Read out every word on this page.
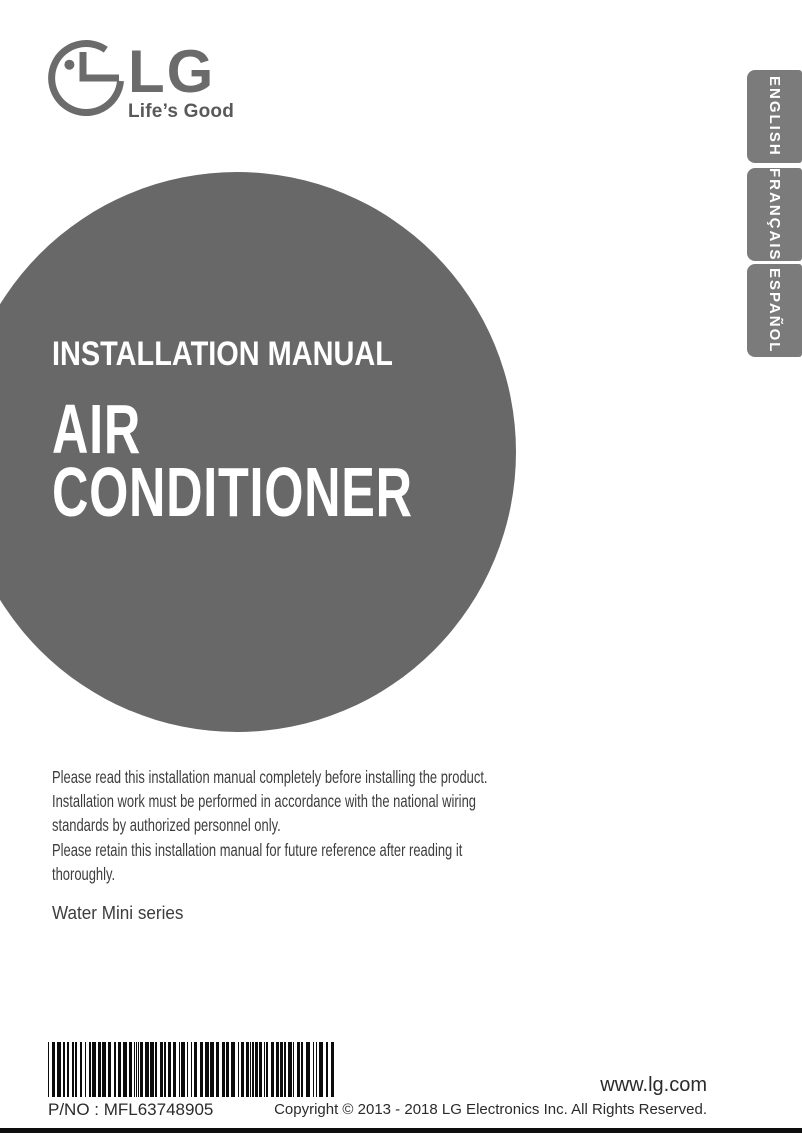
LG
Life’s Good	ENGLISH
FRANÇAIS
ESPAÑOL
INSTALLATION MANUAL
AIR
CONDITIONER
Please read this installation manual completely before installing the product.
Installation work must be performed in accordance with the national wiring
standards by authorized personnel only.
Please retain this installation manual for future reference after reading it
thoroughly.
Water Mini series
www.lg.com
P/NO : MFL63748905	Copyright © 2013 - 2018 LG Electronics Inc. All Rights Reserved.
